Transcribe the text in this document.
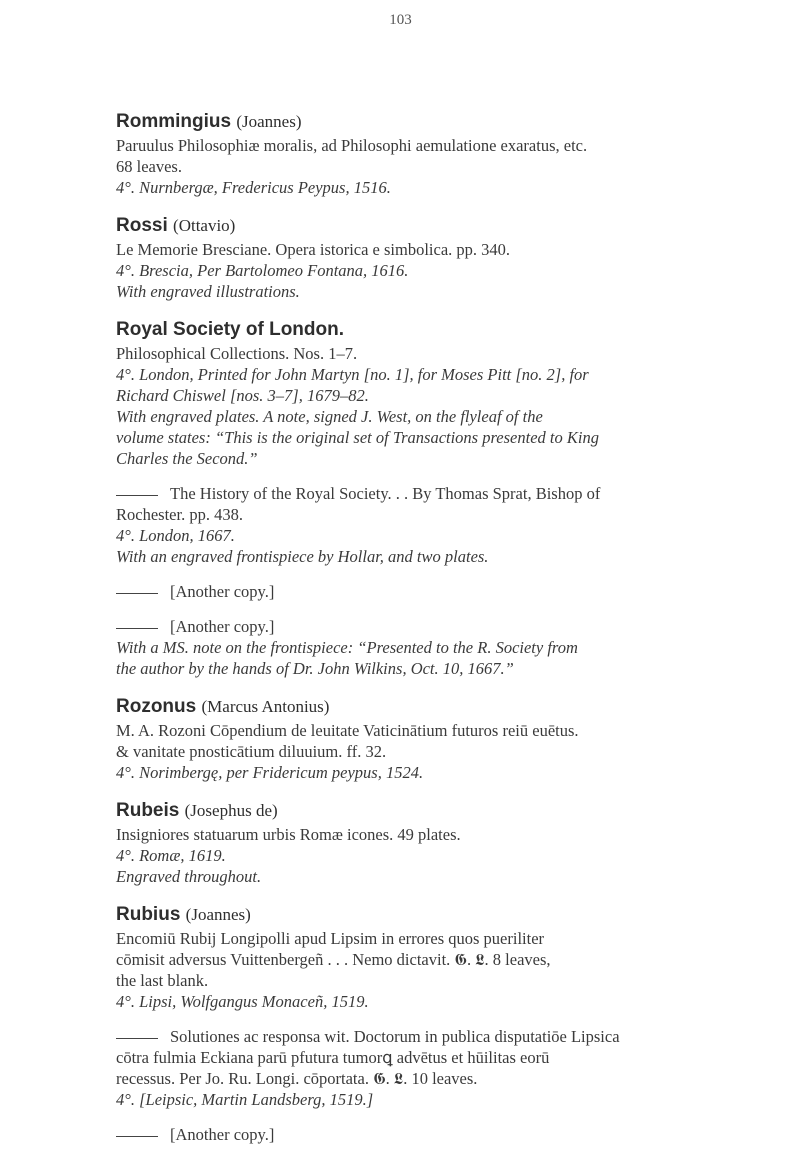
103
Rommingius (Joannes)
Paruulus Philosophiæ moralis, ad Philosophi aemulatione exaratus, etc.
68 leaves.
4°. Nurnbergæ, Fredericus Peypus, 1516.
Rossi (Ottavio)
Le Memorie Bresciane. Opera istorica e simbolica. pp. 340.
4°. Brescia, Per Bartolomeo Fontana, 1616.
With engraved illustrations.
Royal Society of London.
Philosophical Collections. Nos. 1–7.
4°. London, Printed for John Martyn [no. 1], for Moses Pitt [no. 2], for
Richard Chiswel [nos. 3–7], 1679–82.
With engraved plates. A note, signed J. West, on the flyleaf of the
volume states: “This is the original set of Transactions presented to King
Charles the Second.”
The History of the Royal Society. . . By Thomas Sprat, Bishop of
Rochester. pp. 438.
4°. London, 1667.
With an engraved frontispiece by Hollar, and two plates.
[Another copy.]
[Another copy.]
With a MS. note on the frontispiece: “Presented to the R. Society from
the author by the hands of Dr. John Wilkins, Oct. 10, 1667.”
Rozonus (Marcus Antonius)
M. A. Rozoni Cōpendium de leuitate Vaticinātium futuros reiū euētus.
& vanitate pnosticātium diluuium. ff. 32.
4°. Norimbergę, per Fridericum peypus, 1524.
Rubeis (Josephus de)
Insigniores statuarum urbis Romæ icones. 49 plates.
4°. Romæ, 1619.
Engraved throughout.
Rubius (Joannes)
Encomiū Rubij Longipolli apud Lipsim in errores quos pueriliter
cōmisit adversus Vuittenbergeñ . . . Nemo dictavit. 𝕲. 𝕷. 8 leaves,
the last blank.
4°. Lipsi, Wolfgangus Monaceñ, 1519.
Solutiones ac responsa wit. Doctorum in publica disputatiōe Lipsica
cōtra fulmia Eckiana parū pfutura tumorꝗ advētus et hūilitas eorū
recessus. Per Jo. Ru. Longi. cōportata. 𝕲. 𝕷. 10 leaves.
4°. [Leipsic, Martin Landsberg, 1519.]
[Another copy.]
